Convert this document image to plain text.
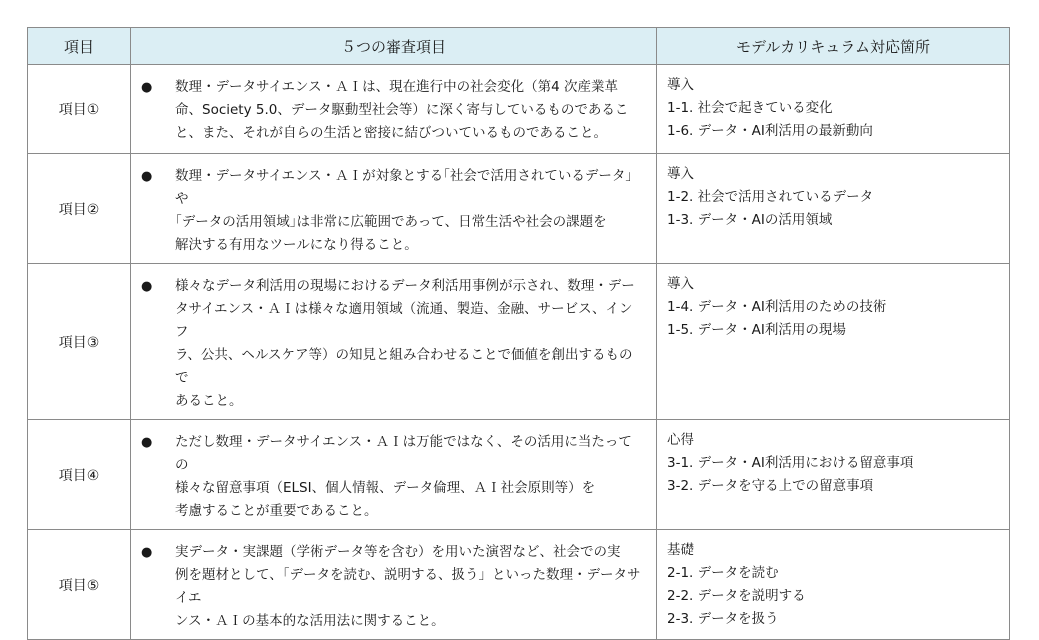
項目	５つの審査項目	モデルカリキュラム対応箇所
項目①	● 数理・データサイエンス・ＡＩは、現在進行中の社会変化（第4 次産業革
命、Society 5.0、データ駆動型社会等）に深く寄与しているものであるこ
と、また、それが自らの生活と密接に結びついているものであること。	導入
1-1. 社会で起きている変化
1-6. データ・AI利活用の最新動向

項目②	● 数理・データサイエンス・ＡＩが対象とする｢社会で活用されているデータ｣や
｢データの活用領域｣は非常に広範囲であって、日常生活や社会の課題を
解決する有用なツールになり得ること。	導入
1-2. 社会で活用されているデータ
1-3. データ・AIの活用領域

項目③	● 様々なデータ利活用の現場におけるデータ利活用事例が示され、数理・デー
タサイエンス・ＡＩは様々な適用領域（流通、製造、金融、サービス、インフ
ラ、公共、ヘルスケア等）の知見と組み合わせることで価値を創出するもので
あること。	導入
1-4. データ・AI利活用のための技術
1-5. データ・AI利活用の現場

項目④	● ただし数理・データサイエンス・ＡＩは万能ではなく、その活用に当たっての
様々な留意事項（ELSI、個人情報、データ倫理、ＡＩ社会原則等）を
考慮することが重要であること。	心得
3-1. データ・AI利活用における留意事項
3-2. データを守る上での留意事項

項目⑤	● 実データ・実課題（学術データ等を含む）を用いた演習など、社会での実
例を題材として、「データを読む、説明する、扱う」といった数理・データサイエ
ンス・ＡＩの基本的な活用法に関すること。	基礎
2-1. データを読む
2-2. データを説明する
2-3. データを扱う
